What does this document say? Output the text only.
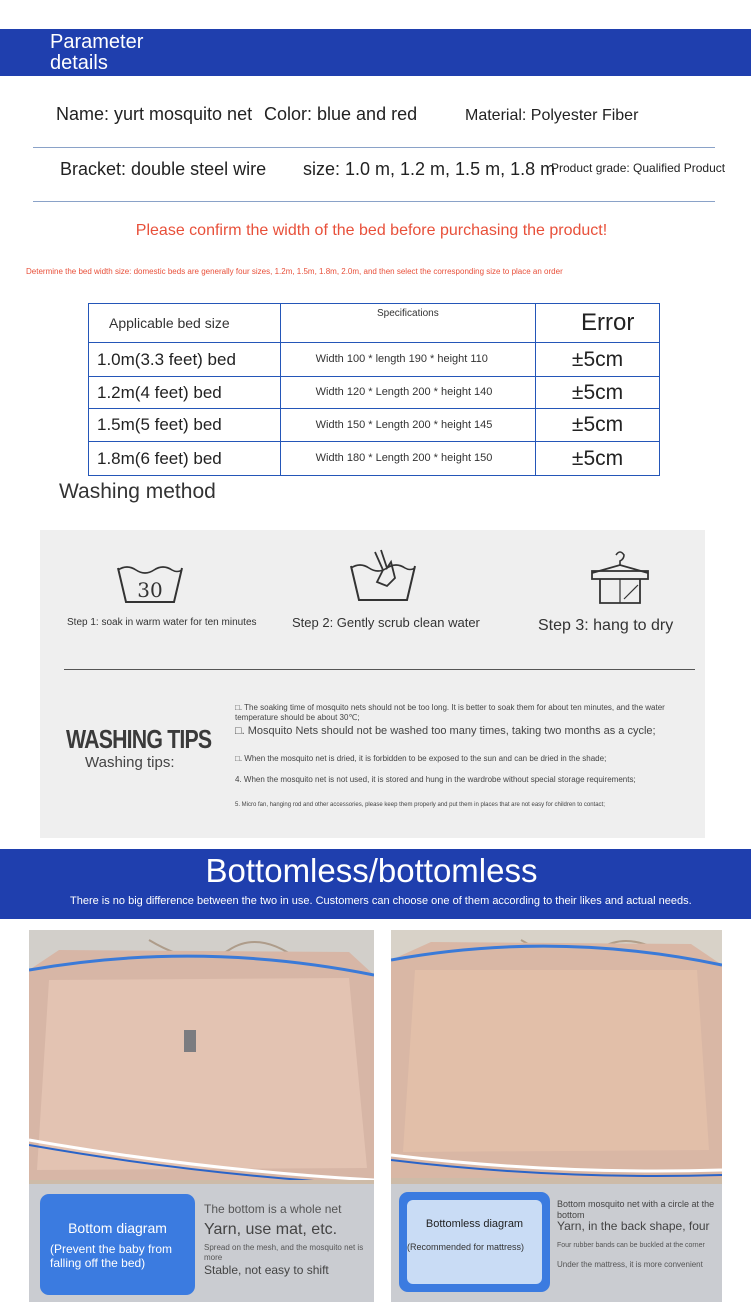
Parameter
details
Name: yurt mosquito net Color: blue and red	Material: Polyester Fiber
Bracket: double steel wire size: 1.0 m, 1.2 m, 1.5 m, 1.8 m
Product grade: Qualified Product
Please confirm the width of the bed before purchasing the product!
Determine the bed width size: domestic beds are generally four sizes, 1.2m, 1.5m, 1.8m, 2.0m, and then select the corresponding size to place an order
Applicable bed size	Specifications	Error
1.0m(3.3 feet) bed	Width 100 * length 190 * height 110	±5cm
1.2m(4 feet) bed	Width 120 * Length 200 * height 140	±5cm
1.5m(5 feet) bed	Width 150 * Length 200 * height 145	±5cm
1.8m(6 feet) bed	Width 180 * Length 200 * height 150	±5cm
Washing method
30
Step 1: soak in warm water for ten minutes	Step 2: Gently scrub clean water	Step 3: hang to dry
WASHING TIPS
Washing tips:
□. The soaking time of mosquito nets should not be too long. It is better to soak them for about ten minutes, and the water temperature should be about 30℃;
□. Mosquito Nets should not be washed too many times, taking two months as a cycle;
□. When the mosquito net is dried, it is forbidden to be exposed to the sun and can be dried in the shade;
4. When the mosquito net is not used, it is stored and hung in the wardrobe without special storage requirements;
5. Micro fan, hanging rod and other accessories, please keep them properly and put them in places that are not easy for children to contact;
Bottomless/bottomless
There is no big difference between the two in use. Customers can choose one of them according to their likes and actual needs.
Bottom diagram
(Prevent the baby from falling off the bed)
The bottom is a whole net
Yarn, use mat, etc.
Spread on the mesh, and the mosquito net is more
Stable, not easy to shift
Bottomless diagram
(Recommended for mattress)
Bottom mosquito net with a circle at the bottom
Yarn, in the back shape, four
Four rubber bands can be buckled at the corner
Under the mattress, it is more convenient
